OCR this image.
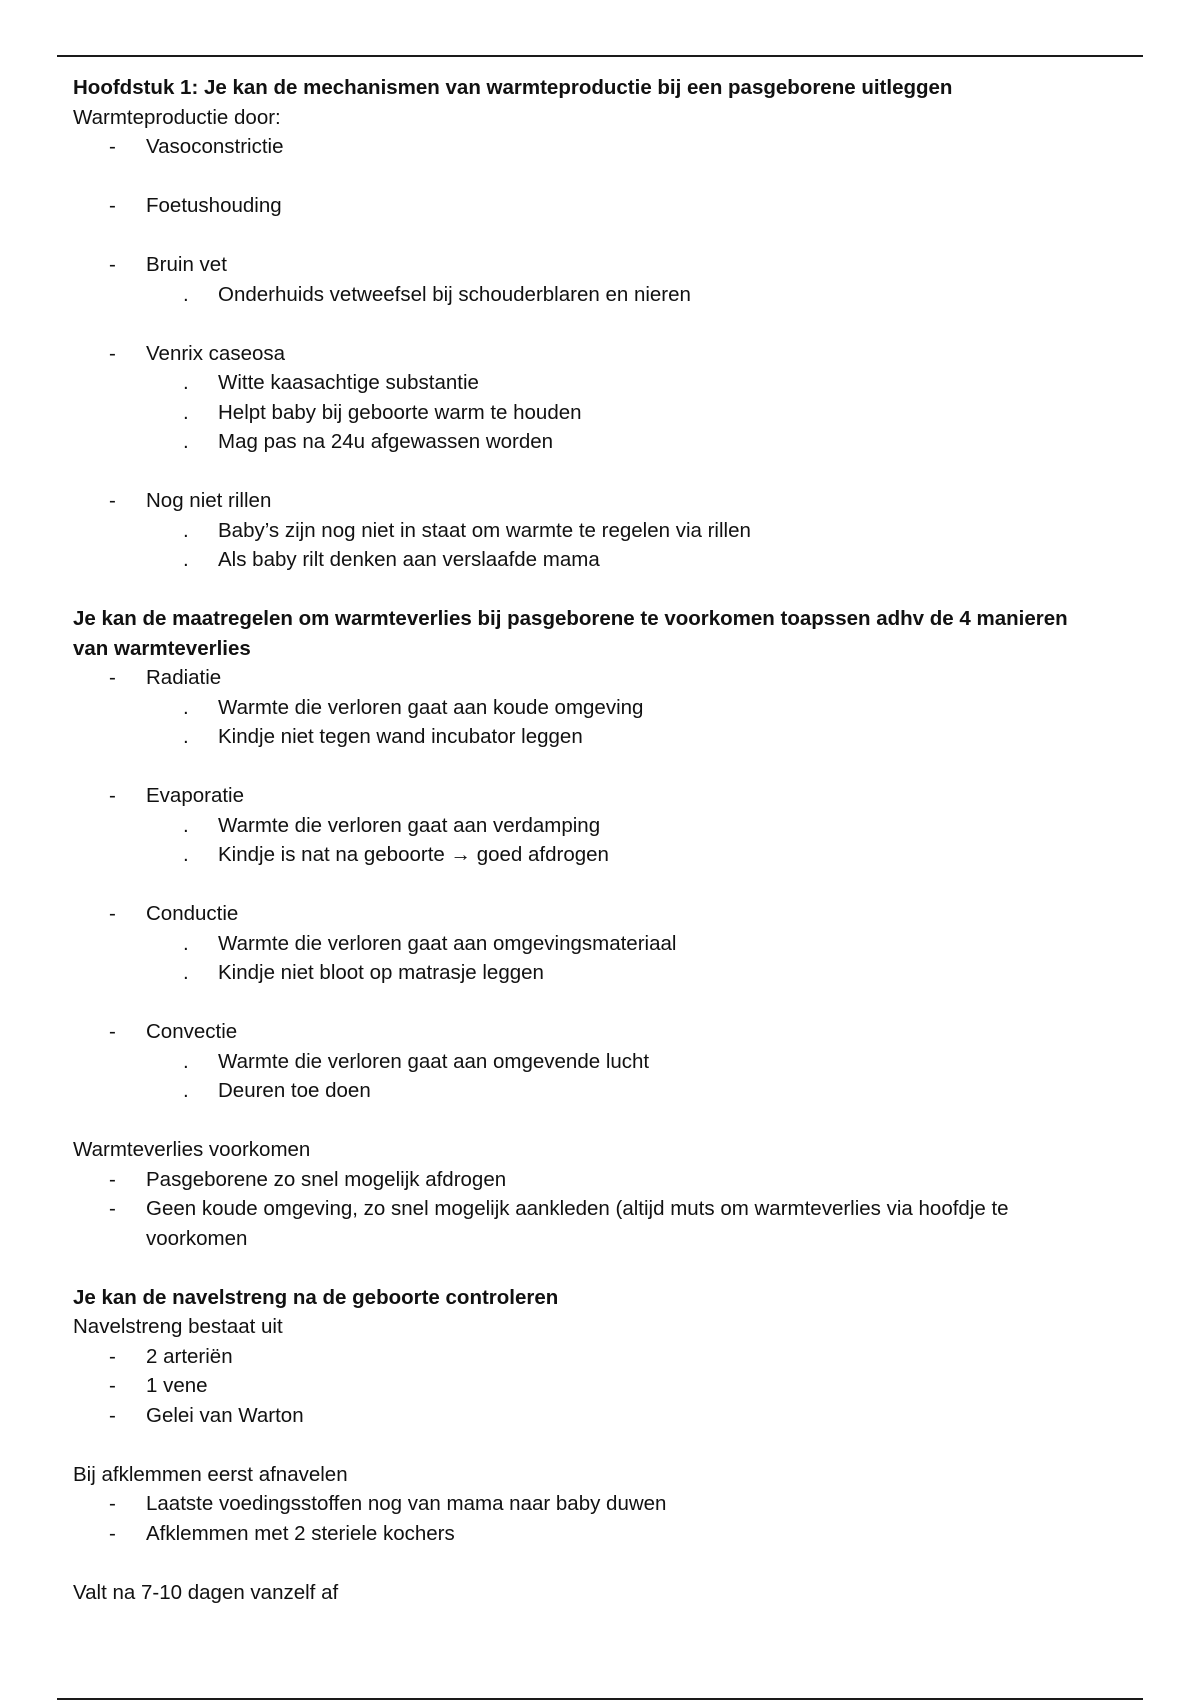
Hoofdstuk 1: Je kan de mechanismen van warmteproductie bij een pasgeborene uitleggen

Warmteproductie door:

- Vasoconstrictie

- Foetushouding

- Bruin vet

. Onderhuids vetweefsel bij schouderblaren en nieren

- Venrix caseosa

. Witte kaasachtige substantie

. Helpt baby bij geboorte warm te houden

. Mag pas na 24u afgewassen worden

- Nog niet rillen

. Baby’s zijn nog niet in staat om warmte te regelen via rillen

. Als baby rilt denken aan verslaafde mama

Je kan de maatregelen om warmteverlies bij pasgeborene te voorkomen toapssen adhv de 4 manieren
van warmteverlies

- Radiatie

. Warmte die verloren gaat aan koude omgeving

. Kindje niet tegen wand incubator leggen

- Evaporatie

. Warmte die verloren gaat aan verdamping

. Kindje is nat na geboorte → goed afdrogen

- Conductie

. Warmte die verloren gaat aan omgevingsmateriaal

. Kindje niet bloot op matrasje leggen

- Convectie

. Warmte die verloren gaat aan omgevende lucht

. Deuren toe doen

Warmteverlies voorkomen

- Pasgeborene zo snel mogelijk afdrogen

- Geen koude omgeving, zo snel mogelijk aankleden (altijd muts om warmteverlies via hoofdje te
voorkomen

Je kan de navelstreng na de geboorte controleren

Navelstreng bestaat uit

- 2 arteriën

- 1 vene

- Gelei van Warton

Bij afklemmen eerst afnavelen

- Laatste voedingsstoffen nog van mama naar baby duwen

- Afklemmen met 2 steriele kochers

Valt na 7-10 dagen vanzelf af
